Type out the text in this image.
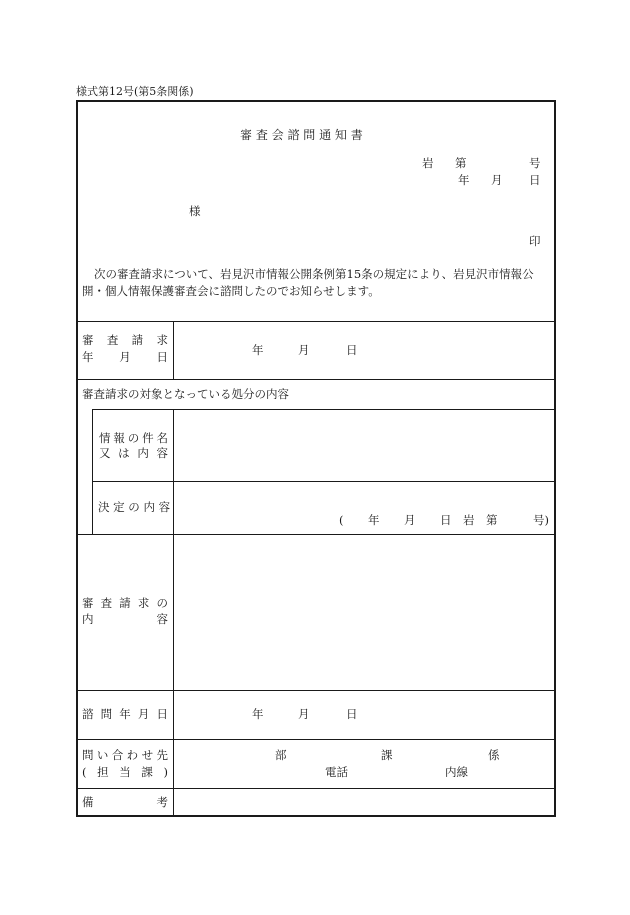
様式第12号(第5条関係)
審 査 会 諮 問 通 知 書
岩 第	号
年 月 日
様
印
次の審査請求について、岩見沢市情報公開条例第15条の規定により、岩見沢市情報公
開・個人情報保護審査会に諮問したのでお知らせします。
審 査 請 求
年 月 日	年	月	日
審査請求の対象となっている処分の内容
情 報 の 件 名
又 は 内 容
決 定 の 内 容
( 年 月 日 岩 第	号)
審 査 請 求 の
内	容
諮 問 年 月 日	年	月	日
問 い 合 わ せ 先
( 担 当 課 )
部	課	係
電話	内線
備	考
